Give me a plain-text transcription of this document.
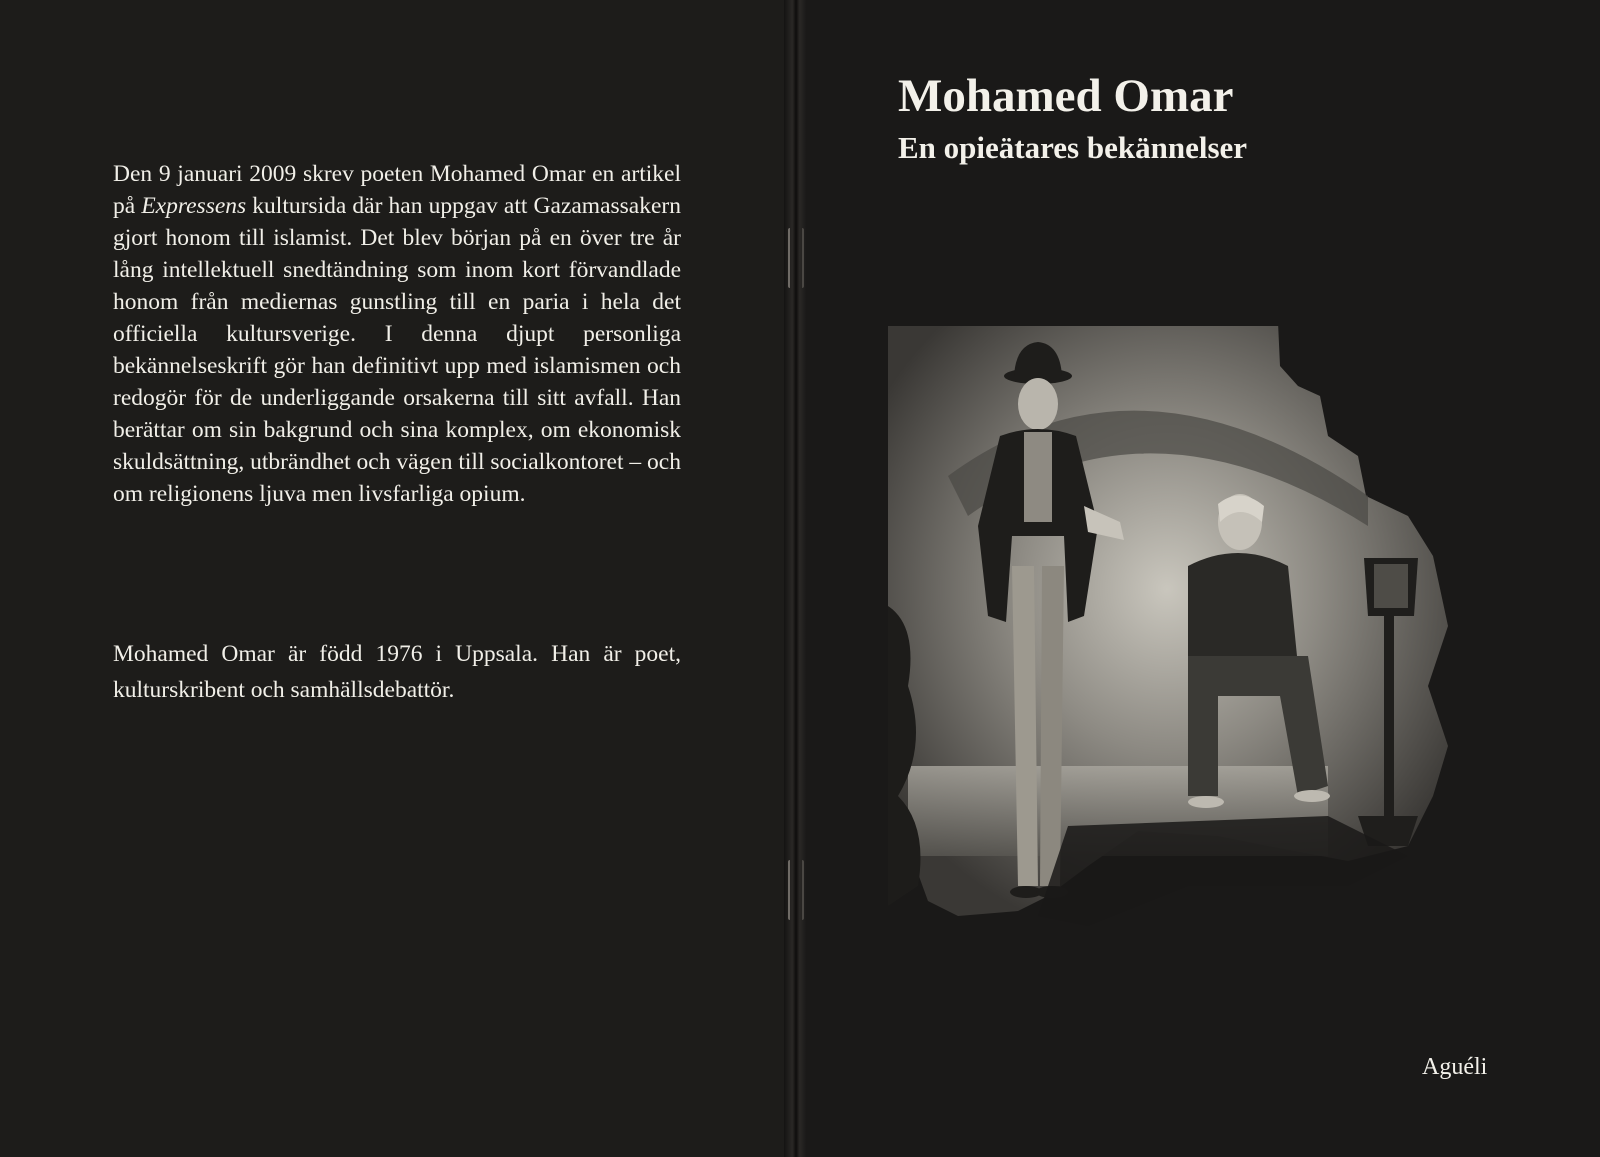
Den 9 januari 2009 skrev poeten Mohamed Omar en artikel på Expressens kultursida där han uppgav att Gazamassakern gjort honom till islamist. Det blev början på en över tre år lång intellektuell snedtändning som inom kort förvandlade honom från mediernas gunstling till en paria i hela det officiella kultursverige. I denna djupt personliga bekännelseskrift gör han definitivt upp med islamismen och redogör för de underliggande orsakerna till sitt avfall. Han berättar om sin bakgrund och sina komplex, om ekonomisk skuldsättning, utbrändhet och vägen till socialkontoret – och om religionens ljuva men livsfarliga opium.

Mohamed Omar är född 1976 i Uppsala. Han är poet, kulturskribent och samhällsdebattör.

Mohamed Omar
En opieätares bekännelser

Aguéli
